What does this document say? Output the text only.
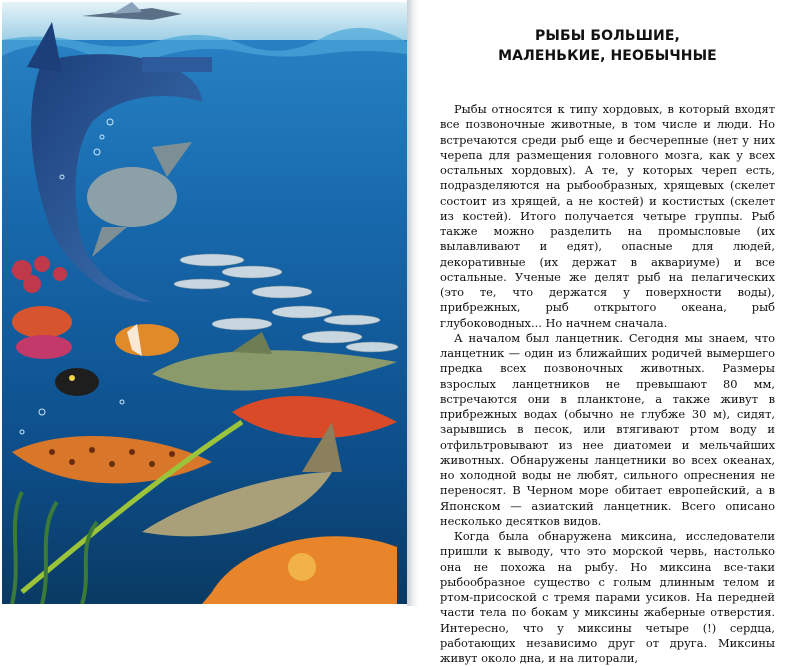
РЫБЫ БОЛЬШИЕ,
МАЛЕНЬКИЕ, НЕОБЫЧНЫЕ

Рыбы относятся к типу хордовых, в который входят все позвоночные животные, в том числе и люди. Но встречаются среди рыб еще и бесчерепные (нет у них черепа для размещения головного мозга, как у всех остальных хордовых). А те, у которых череп есть, подразделяются на рыбообразных, хрящевых (скелет состоит из хрящей, а не костей) и костистых (скелет из костей). Итого получается четыре группы. Рыб также можно разделить на промысловые (их вылавливают и едят), опасные для людей, декоративные (их держат в аквариуме) и все остальные. Ученые же делят рыб на пелагических (это те, что держатся у поверхности воды), прибрежных, рыб открытого океана, рыб глубоководных... Но начнем сначала.

А началом был ланцетник. Сегодня мы знаем, что ланцетник — один из ближайших родичей вымершего предка всех позвоночных животных. Размеры взрослых ланцетников не превышают 80 мм, встречаются они в планктоне, а также живут в прибрежных водах (обычно не глубже 30 м), сидят, зарывшись в песок, или втягивают ртом воду и отфильтровывают из нее диатомеи и мельчайших животных. Обнаружены ланцетники во всех океанах, но холодной воды не любят, сильного опреснения не переносят. В Черном море обитает европейский, а в Японском — азиатский ланцетник. Всего описано несколько десятков видов.

Когда была обнаружена миксина, исследователи пришли к выводу, что это морской червь, настолько она не похожа на рыбу. Но миксина все-таки рыбообразное существо с голым длинным телом и ртом-присоской с тремя парами усиков. На передней части тела по бокам у миксины жаберные отверстия. Интересно, что у миксины четыре (!) сердца, работающих независимо друг от друга. Миксины живут около дна, и на литорали,
